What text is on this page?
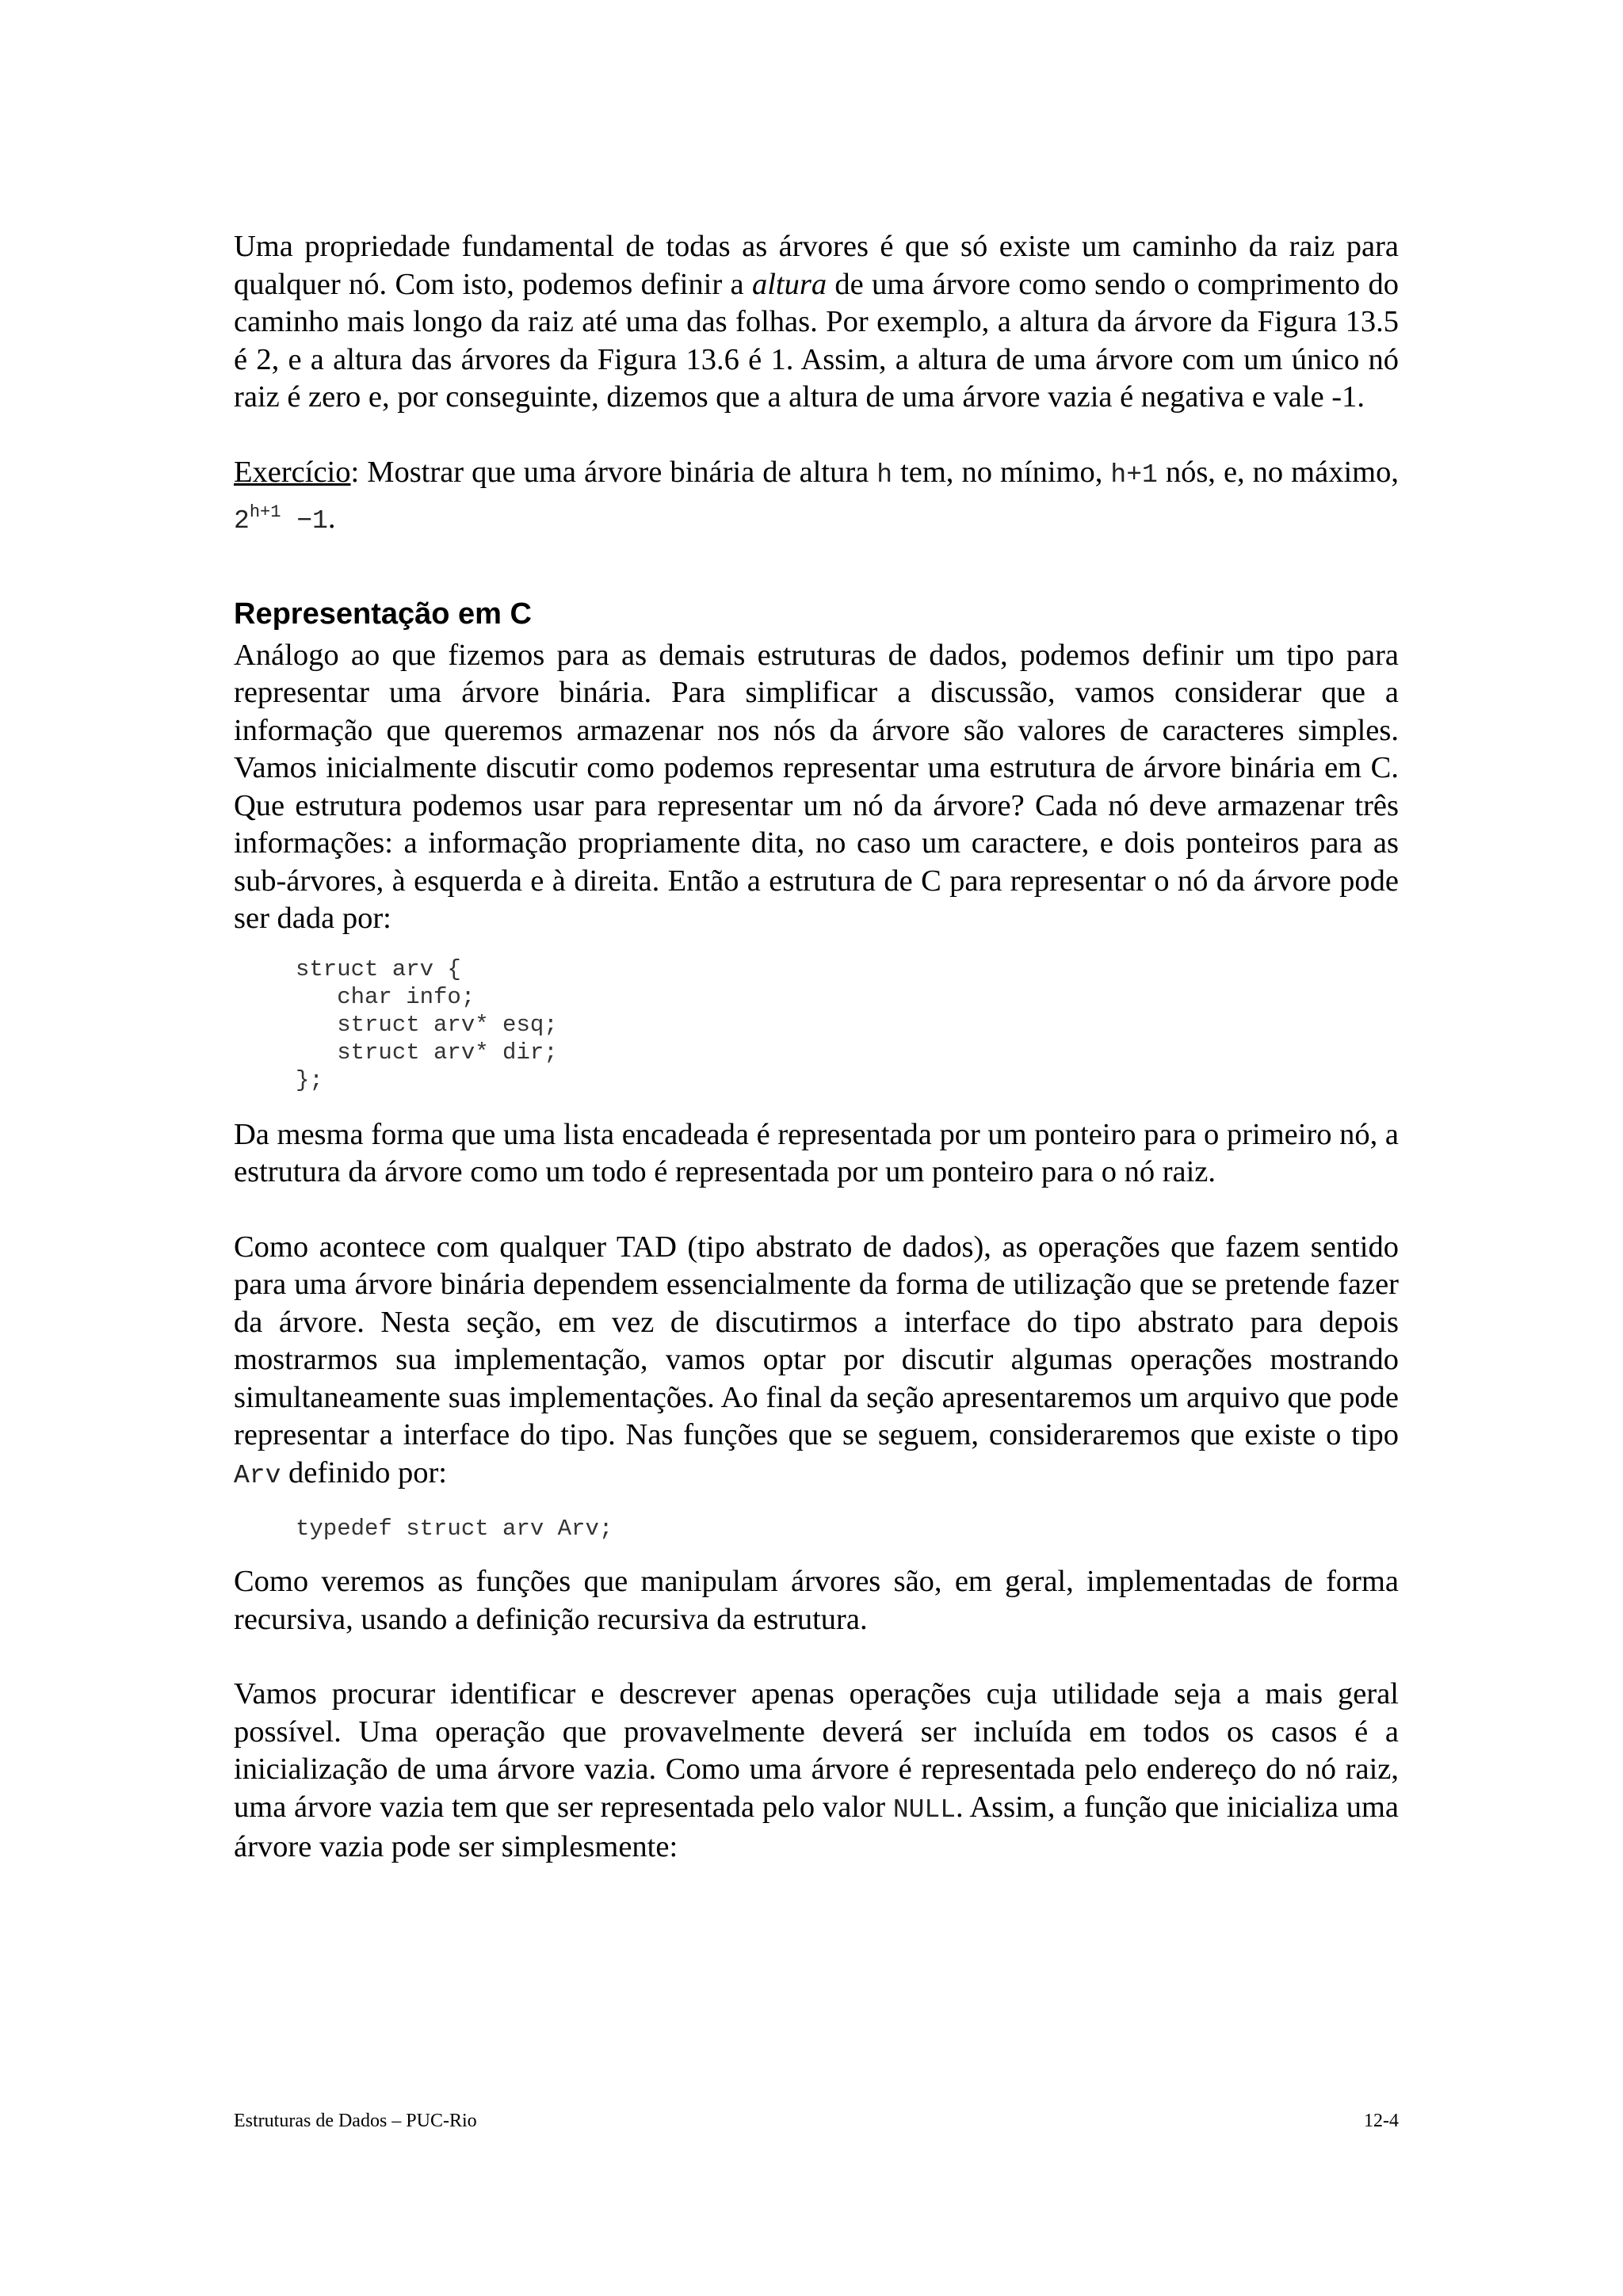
Uma propriedade fundamental de todas as árvores é que só existe um caminho da raiz para qualquer nó. Com isto, podemos definir a altura de uma árvore como sendo o comprimento do caminho mais longo da raiz até uma das folhas. Por exemplo, a altura da árvore da Figura 13.5 é 2, e a altura das árvores da Figura 13.6 é 1. Assim, a altura de uma árvore com um único nó raiz é zero e, por conseguinte, dizemos que a altura de uma árvore vazia é negativa e vale -1.

Exercício: Mostrar que uma árvore binária de altura h tem, no mínimo, h+1 nós, e, no máximo, $2^{h+1} -1$.

Representação em C

Análogo ao que fizemos para as demais estruturas de dados, podemos definir um tipo para representar uma árvore binária. Para simplificar a discussão, vamos considerar que a informação que queremos armazenar nos nós da árvore são valores de caracteres simples. Vamos inicialmente discutir como podemos representar uma estrutura de árvore binária em C. Que estrutura podemos usar para representar um nó da árvore? Cada nó deve armazenar três informações: a informação propriamente dita, no caso um caractere, e dois ponteiros para as sub-árvores, à esquerda e à direita. Então a estrutura de C para representar o nó da árvore pode ser dada por:

struct arv {
char info;
struct arv* esq;
struct arv* dir;
};

Da mesma forma que uma lista encadeada é representada por um ponteiro para o primeiro nó, a estrutura da árvore como um todo é representada por um ponteiro para o nó raiz.

Como acontece com qualquer TAD (tipo abstrato de dados), as operações que fazem sentido para uma árvore binária dependem essencialmente da forma de utilização que se pretende fazer da árvore. Nesta seção, em vez de discutirmos a interface do tipo abstrato para depois mostrarmos sua implementação, vamos optar por discutir algumas operações mostrando simultaneamente suas implementações. Ao final da seção apresentaremos um arquivo que pode representar a interface do tipo. Nas funções que se seguem, consideraremos que existe o tipo Arv definido por:

typedef struct arv Arv;

Como veremos as funções que manipulam árvores são, em geral, implementadas de forma recursiva, usando a definição recursiva da estrutura.

Vamos procurar identificar e descrever apenas operações cuja utilidade seja a mais geral possível. Uma operação que provavelmente deverá ser incluída em todos os casos é a inicialização de uma árvore vazia. Como uma árvore é representada pelo endereço do nó raiz, uma árvore vazia tem que ser representada pelo valor NULL. Assim, a função que inicializa uma árvore vazia pode ser simplesmente:

Estruturas de Dados – PUC-Rio	12-4
